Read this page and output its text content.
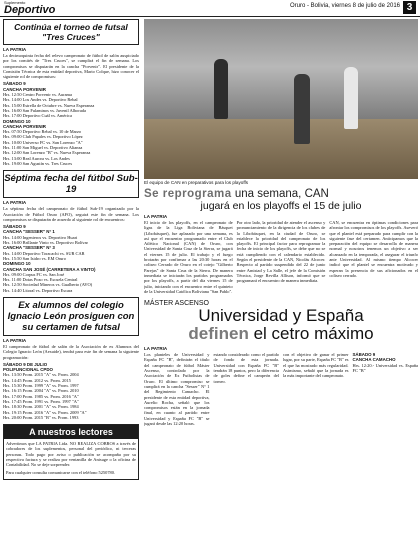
Suplemento
Deportivo	Oruro - Bolivia, viernes 8 de julio de 2016 3
Continúa el torneo de futsal "Tres Cruces"
LA PATRIA
La decimoquinta fecha del relevo campeonato de fútbol de salón auspiciado por los comités de "Tres Cruces", se cumplirá el fin de semana. Los compromisos se disputarán en la cancha "Porvenir". El presidente de la Comisión Técnica de esta entidad deportiva, Mario Colque, hizo conocer el siguiente rol de compromisos:
SÁBADO 9
CANCHA PORVENIR
Hrs. 12:50 Centro Porvenir vs. Aurama
Hrs. 14:00 Los Andes vs. Deportivo Rebal
Hrs. 15:00 Estrella de Octubre vs. Nueva Esperanza
Hrs. 16:00 San Fulaminos vs. Juvenil Alborada
Hrs. 17:00 Deportivo Cuál vs. América
DOMINGO 10
CANCHA PORVENIR
Hrs. 07:50 Deportivo Rebal vs. 10 de Marzo
Hrs. 09:00 Club Papales vs. Deportivo López
Hrs. 10:00 Universo FC vs. San Lorenzo "A"
Hrs. 11:00 San Miguel vs. Deportivo Alianza
Hrs. 12:00 San Lorenzo "B" vs. Nueva Esperanza
Hrs. 13:00 Real Aurora vs. Los Andes
Hrs. 19:00 San Agustín vs. Tres Cruces
Séptima fecha del fútbol Sub-19
LA PATRIA
La séptima fecha del campeonato de fútbol Sub-19 organizado por la Asociación de Fútbol Oruro (AFO), seguirá este fin de semana. Los compromisos se disputarán de acuerdo al siguiente rol de encuentros:
SÁBADO 9
CANCHA "SESSER" N° 1
Hrs. 14:00 Ingenieros vs. Deportivo Huari
Hrs. 16:00 Brillante Vinto vs. Deportivo Bolívar
CANCHA "SESSER" N° 3
Hrs. 14:00 Deportivo Toracachi vs. SUR CAR
Hrs. 15:50 San Isidro vs. EM Oruro
DOMINGO 10
CANCHA SAN JOSÉ (CARRETERA A VINTO)
Hrs. 09:00 Corpus FC vs. San José
Hrs. 11:00 Dotas Pozo vs. Escuela Central
Hrs. 12:50 Sociedad Mineros vs. Gualberto (AVO)
Hrs. 14:40 Litoral vs. Deportivo Escara
Ex alumnos del colegio Ignacio León prosiguen con su certamen de futsal
LA PATRIA
El campeonato de fútbol de salón de la Asociación de ex Alumnos del Colegio Ignacio León (Aexaide), tendrá para este fin de semana la siguiente programación:
SÁBADO 9 DE JULIO
POLIFUNCIONAL CPDO
Hrs. 13:50 Prom. 2015 "A" vs. Prom. 2004
Hrs. 14:45 Prom. 2012 vs. Prom. 2015
Hrs. 15:30 Prom. 1999 "A" vs. Prom. 1997
Hrs. 16:15 Prom. 2004 "A" vs. Prom. 2010
Hrs. 17:00 Prom. 1985 vs. Prom. 2016 "A"
Hrs. 17:45 Prom. 1991 vs. Prom. 1997 "A"
Hrs. 18:30 Prom. 2001 "A" vs. Prom. 1984
Hrs. 19:15 Prom. 2016 "A" vs. Prom. 2009 "A"
Hrs. 20:00 Prom. 2015 "B" vs. Prom. 1993
A nuestros lectores
Advertimos que LA PATRIA Ltda. NO REALIZA COBROS a través de cobradores de los suplementos, personal del periódico, ni terceras personas. Todo pago por aviso o publicación se acompaña por su respectiva factura y se realiza por ventanilla de Anisuge o la oficina de Contabilidad. No se deje sorprender.
Para cualquier consulta comunicarse con el teléfono 5250780.
El equipo de CAN en preparativos para los playoffs

Se reprograma una semana, CAN

jugará en los playoffs el 15 de julio

LA PATRIA
El inicio de los playoffs, en el campeonato de ligas de la Liga Boliviana de Básquet (Libobásquet), fue aplazado por una semana, es así que el encuentro programado entre el Club Atlético Nacional (CAN) de Oruro, con Universidad de Santa Cruz de la Sierra, se jugará el viernes 15 de julio. El trabajo y el fuego brotarán por confirmar a las 20:30 horas en el coliseo Cerrado de Oruro en el cotejo "Gilberto Parejas" de Santa Cruz de la Sierra. De manera inmediata se iniciarán los partidos programados por los playoffs, a partir del día viernes 15 de julio, iniciando con el encuentro entre el quinteto de la Universidad Católica Boliviana "San Pablo".
Por otro lado, la prioridad de atender el ascenso y pronunciamiento de la dirigencia de los clubes de la Libobásquet, en la ciudad de Oruro, se establece la prioridad del campeonato de los playoffs. El principal factor para reprogramar la fecha de inicio de los playoffs, se debe que no se está cumpliendo con el calendario establecido. Según el presidente de la CAN, Nicolás Alcocer. Respecto al partido suspendido del 22 de junio entre Amistad y La Salle, el jefe de la Comisión Técnica, Jorge Revilla Allison, informó que se programará el encuentro de manera inmediata.
CAN, se encuentra en óptimas condiciones para afrontar los compromisos de los playoffs. Aseveró que el plantel está preparado para cumplir con la siguiente fase del certamen. Anticipamos que la preparación del equipo se desarrolla de manera normal y nosotros tenemos un objetivo a ser alcanzado en la temporada, el asegurar el triunfo ante Universidad. Al mismo tiempo Alcocer indicó que el plantel se encuentra motivado y esperan la presencia de sus aficionados en el coliseo cerrado.
MÁSTER ASCENSO

Universidad y España

definen el cetro máximo

LA PATRIA
Los planteles de Universidad y España FC "B", definirán el título del campeonato de fútbol Máster Ascenso, controlado por la Asociación de Ex Futbolistas de Oruro. El último compromiso se cumplirá en la cancha "Sesser" N° 1 del Regimiento Camacho. El presidente de esta entidad deportiva, Aurelio Rocha, señaló que los compromisos están en la jornada final, en cuanto al partido entre Universidad y España FC "B" se jugará desde las 12:20 horas.
estando considerado como el partido de fondo de esta jornada. Universidad con España FC "B" tendrán 18 puntos, pero la diferencia de goles define el campeón del torneo.
con el objetivo de ganar el primer lugar, por su parte, España FC "B" es el que ha mostrado más regularidad. Asimismo, señaló que la jornada es la más importante del campeonato.
SÁBADO 9
CANCHA CAMACHO
Hrs. 12:20.- Universidad vs. España FC "B"
